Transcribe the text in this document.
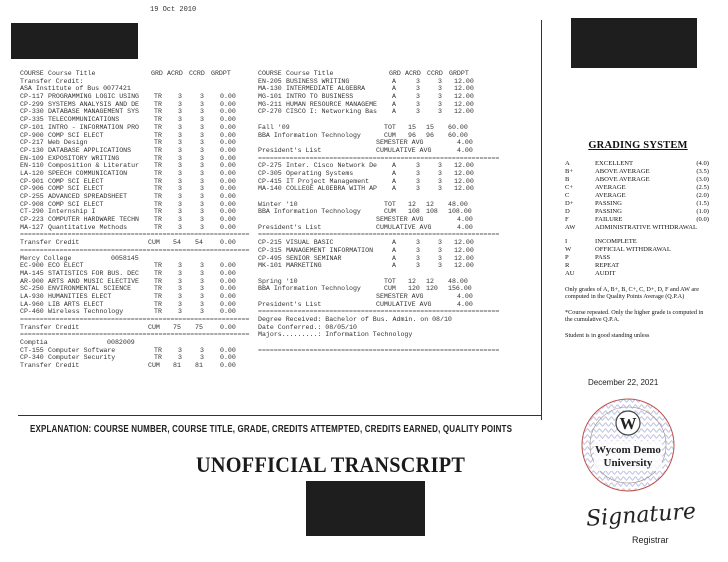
19 Oct 2010
COURSE Course Title	GRD ACRD CCRD GRDPT
Transfer Credit:
ASA Institute of Bus 0077421
CP-117 PROGRAMMING LOGIC USING TR 3	3 0.00
CP-299 SYSTEMS ANALYSIS AND DE TR 3	3 0.00
CP-330 DATABASE MANAGEMENT SYS TR 3	3 0.00
CP-335 TELECOMMUNICATIONS	TR 3	3 0.00
CP-101 INTRO - INFORMATION PRO TR 3	3 0.00
CP-900 COMP SCI ELECT	TR 3	3 0.00
CP-217 Web Design	TR 3	3 0.00
CP-130 DATABASE APPLICATIONS	TR 3	3 0.00
EN-109 EXPOSITORY WRITING	TR 3	3 0.00
EN-110 Composition & Literatur TR 3	3 0.00
LA-120 SPEECH COMMUNICATION	TR 3	3 0.00
CP-901 COMP SCI ELECT	TR 3	3 0.00
CP-906 COMP SCI ELECT	TR 3	3 0.00
CP-255 ADVANCED SPREADSHEET	TR 3	3 0.00
CP-908 COMP SCI ELECT	TR 3	3 0.00
CT-290 Internship I	TR 3	3 0.00
CP-223 COMPUTER HARDWARE TECHN TR 3	3 0.00
MA-127 Quantitative Methods	TR 3	3 0.00
==========================================================
Transfer Credit	CUM 54 54	0.00
==========================================================
Mercy College          0058145
EC-900 ECO ELECT	TR 3	3 0.00
MA-145 STATISTICS FOR BUS. DEC TR 3	3 0.00
AR-900 ARTS AND MUSIC ELECTIVE TR 3	3 0.00
SC-250 ENVIRONMENTAL SCIENCE	TR 3	3 0.00
LA-930 HUMANITIES ELECT	TR 3	3 0.00
LA-960 LIB ARTS ELECT	TR 3	3 0.00
CP-460 Wireless Technology	TR 3	3 0.00
==========================================================
Transfer Credit	CUM 75 75	0.00
==========================================================
Comptia               0082009
CT-155 Computer Software	TR 3	3 0.00
CP-340 Computer Security	TR 3	3 0.00
Transfer Credit	CUM 81 81	0.00
COURSE Course Title	GRD ACRD CCRD GRDPT
EN-205 BUSINESS WRITING	A	3	3 12.00
MA-130 INTERMEDIATE ALGEBRA	A	3	3 12.00
MG-101 INTRO TO BUSINESS	A	3	3 12.00
MG-211 HUMAN RESOURCE MANAGEME A	3	3 12.00
CP-270 CISCO I: Networking Bas A	3	3 12.00
Fall '09	TOT 15 15 60.00
BBA Information Technology	CUM 96 96 60.00
SEMESTER AVG	4.00
President's List	CUMULATIVE AVG	4.00
=============================================================
CP-275 Inter. Cisco Network De A	3	3 12.00
CP-305 Operating Systems	A	3	3 12.00
CP-415 IT Project Management	A	3	3 12.00
MA-140 COLLEGE ALGEBRA WITH AP A	3	3 12.00
Winter '10	TOT 12 12 48.00
BBA Information Technology	CUM 108 108 108.00
SEMESTER AVG	4.00
President's List	CUMULATIVE AVG	4.00
=============================================================
CP-215 VISUAL BASIC	A	3	3 12.00
CP-315 MANAGEMENT INFORMATION	A	3	3 12.00
CP-495 SENIOR SEMINAR	A	3	3 12.00
MK-101 MARKETING	A	3	3 12.00
Spring '10	TOT 12 12 48.00
BBA Information Technology	CUM 120 120 156.00
SEMESTER AVG	4.00
President's List	CUMULATIVE AVG	4.00
=============================================================
Degree Received: Bachelor of Bus. Admin. on 08/10
Date Conferred.: 08/05/10
Majors.........: Information Technology
=============================================================
EXPLANATION: COURSE NUMBER, COURSE TITLE, GRADE, CREDITS ATTEMPTED, CREDITS EARNED, QUALITY POINTS
UNOFFICIAL TRANSCRIPT
GRADING SYSTEM
A	EXCELLENT	(4.0)
B+	ABOVE AVERAGE	(3.5)
B	ABOVE AVERAGE	(3.0)
C+	AVERAGE	(2.5)
C	AVERAGE	(2.0)
D+	PASSING	(1.5)
D	PASSING	(1.0)
F	FAILURE	(0.0)
AW	ADMINISTRATIVE WITHDRAWAL
I	INCOMPLETE
W	OFFICIAL WITHDRAWAL
P	PASS
R	REPEAT
AU	AUDIT
Only grades of A, B+, B, C+, C, D+, D, F and AW are computed in the Quality Points Average (Q.P.A)
*Course repeated. Only the higher grade is computed in the cumulative Q.P.A.
Student is in good standing unless
December 22, 2021
W
Wycom Demo
University
Signature
Registrar
